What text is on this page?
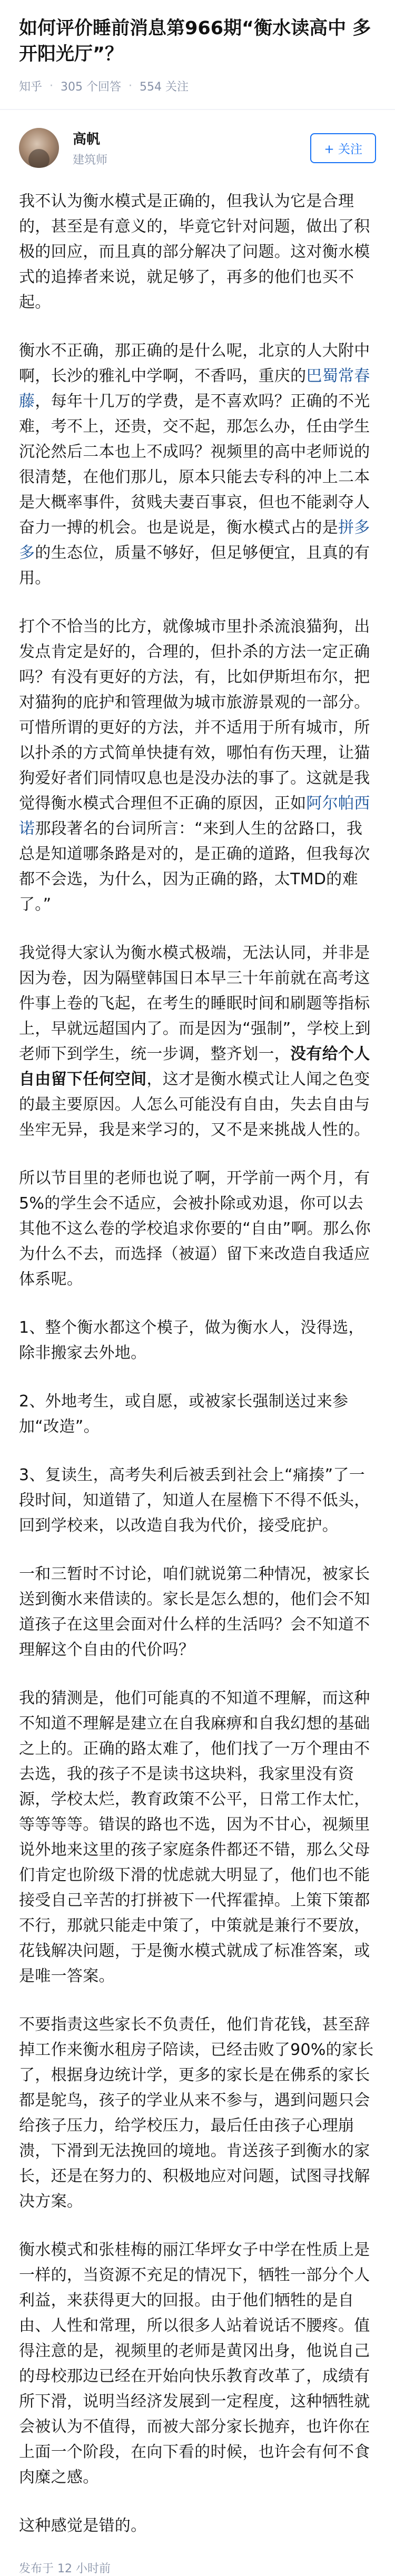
如何评价睡前消息第966期“衡水读高中 多开阳光厅”？
知乎 · 305 个回答 · 554 关注
高帆
建筑师
+ 关注

我不认为衡水模式是正确的，但我认为它是合理的，甚至是有意义的，毕竟它针对问题，做出了积极的回应，而且真的部分解决了问题。这对衡水模式的追捧者来说，就足够了，再多的他们也买不起。

衡水不正确，那正确的是什么呢，北京的人大附中啊，长沙的雅礼中学啊，不香吗，重庆的巴蜀常春藤，每年十几万的学费，是不喜欢吗？正确的不光难，考不上，还贵，交不起，那怎么办，任由学生沉沦然后二本也上不成吗？视频里的高中老师说的很清楚，在他们那儿，原本只能去专科的冲上二本是大概率事件，贫贱夫妻百事哀，但也不能剥夺人奋力一搏的机会。也是说是，衡水模式占的是拼多多的生态位，质量不够好，但足够便宜，且真的有用。

打个不恰当的比方，就像城市里扑杀流浪猫狗，出发点肯定是好的，合理的，但扑杀的方法一定正确吗？有没有更好的方法，有，比如伊斯坦布尔，把对猫狗的庇护和管理做为城市旅游景观的一部分。可惜所谓的更好的方法，并不适用于所有城市，所以扑杀的方式简单快捷有效，哪怕有伤天理，让猫狗爱好者们同情叹息也是没办法的事了。这就是我觉得衡水模式合理但不正确的原因，正如阿尔帕西诺那段著名的台词所言：“来到人生的岔路口，我总是知道哪条路是对的，是正确的道路，但我每次都不会选，为什么，因为正确的路，太TMD的难了。”

我觉得大家认为衡水模式极端，无法认同，并非是因为卷，因为隔壁韩国日本早三十年前就在高考这件事上卷的飞起，在考生的睡眠时间和刷题等指标上，早就远超国内了。而是因为“强制”，学校上到老师下到学生，统一步调，整齐划一，没有给个人自由留下任何空间，这才是衡水模式让人闻之色变的最主要原因。人怎么可能没有自由，失去自由与坐牢无异，我是来学习的，又不是来挑战人性的。

所以节目里的老师也说了啊，开学前一两个月，有5%的学生会不适应，会被扑除或劝退，你可以去其他不这么卷的学校追求你要的“自由”啊。那么你为什么不去，而选择（被逼）留下来改造自我适应体系呢。

1、整个衡水都这个模子，做为衡水人，没得选，除非搬家去外地。

2、外地考生，或自愿，或被家长强制送过来参加“改造”。

3、复读生，高考失利后被丢到社会上“痛揍”了一段时间，知道错了，知道人在屋檐下不得不低头，回到学校来，以改造自我为代价，接受庇护。

一和三暂时不讨论，咱们就说第二种情况，被家长送到衡水来借读的。家长是怎么想的，他们会不知道孩子在这里会面对什么样的生活吗？会不知道不理解这个自由的代价吗？

我的猜测是，他们可能真的不知道不理解，而这种不知道不理解是建立在自我麻痹和自我幻想的基础之上的。正确的路太难了，他们找了一万个理由不去选，我的孩子不是读书这块料，我家里没有资源，学校太烂，教育政策不公平，日常工作太忙，等等等等。错误的路也不选，因为不甘心，视频里说外地来这里的孩子家庭条件都还不错，那么父母们肯定也阶级下滑的忧虑就大明显了，他们也不能接受自己辛苦的打拼被下一代挥霍掉。上策下策都不行，那就只能走中策了，中策就是兼行不要放，花钱解决问题，于是衡水模式就成了标准答案，或是唯一答案。

不要指责这些家长不负责任，他们肯花钱，甚至辞掉工作来衡水租房子陪读，已经击败了90%的家长了，根据身边统计学，更多的家长是在佛系的家长都是鸵鸟，孩子的学业从来不参与，遇到问题只会给孩子压力，给学校压力，最后任由孩子心理崩溃，下滑到无法挽回的境地。肯送孩子到衡水的家长，还是在努力的、积极地应对问题，试图寻找解决方案。

衡水模式和张桂梅的丽江华坪女子中学在性质上是一样的，当资源不充足的情况下，牺牲一部分个人利益，来获得更大的回报。由于他们牺牲的是自由、人性和常理，所以很多人站着说话不腰疼。值得注意的是，视频里的老师是黄冈出身，他说自己的母校那边已经在开始向快乐教育改革了，成绩有所下滑，说明当经济发展到一定程度，这种牺牲就会被认为不值得，而被大部分家长抛弃，也许你在上面一个阶段，在向下看的时候，也许会有何不食肉糜之感。

这种感觉是错的。

发布于 12 小时前
